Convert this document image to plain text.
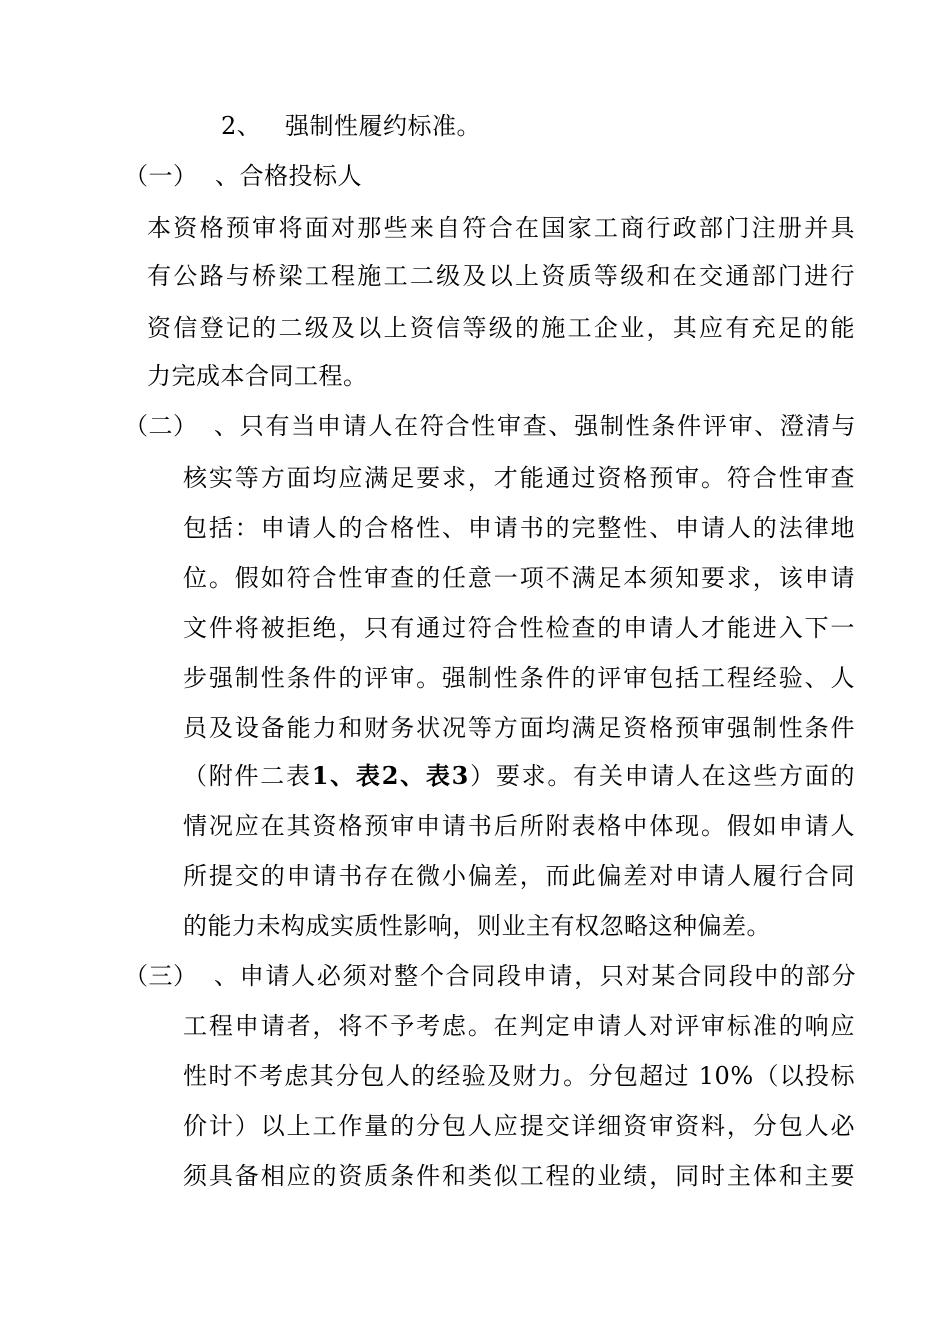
2、 强制性履约标准。
（一） 、合格投标人
本资格预审将面对那些来自符合在国家工商行政部门注册并具
有公路与桥梁工程施工二级及以上资质等级和在交通部门进行
资信登记的二级及以上资信等级的施工企业，其应有充足的能
力完成本合同工程。
（二） 、只有当申请人在符合性审查、强制性条件评审、澄清与
核实等方面均应满足要求，才能通过资格预审。符合性审查
包括：申请人的合格性、申请书的完整性、申请人的法律地
位。假如符合性审查的任意一项不满足本须知要求，该申请
文件将被拒绝，只有通过符合性检查的申请人才能进入下一
步强制性条件的评审。强制性条件的评审包括工程经验、人
员及设备能力和财务状况等方面均满足资格预审强制性条件
（附件二表1、表2、表3）要求。有关申请人在这些方面的
情况应在其资格预审申请书后所附表格中体现。假如申请人
所提交的申请书存在微小偏差，而此偏差对申请人履行合同
的能力未构成实质性影响，则业主有权忽略这种偏差。
（三） 、申请人必须对整个合同段申请，只对某合同段中的部分
工程申请者，将不予考虑。在判定申请人对评审标准的响应
性时不考虑其分包人的经验及财力。分包超过 10%（以投标
价计）以上工作量的分包人应提交详细资审资料，分包人必
须具备相应的资质条件和类似工程的业绩，同时主体和主要
